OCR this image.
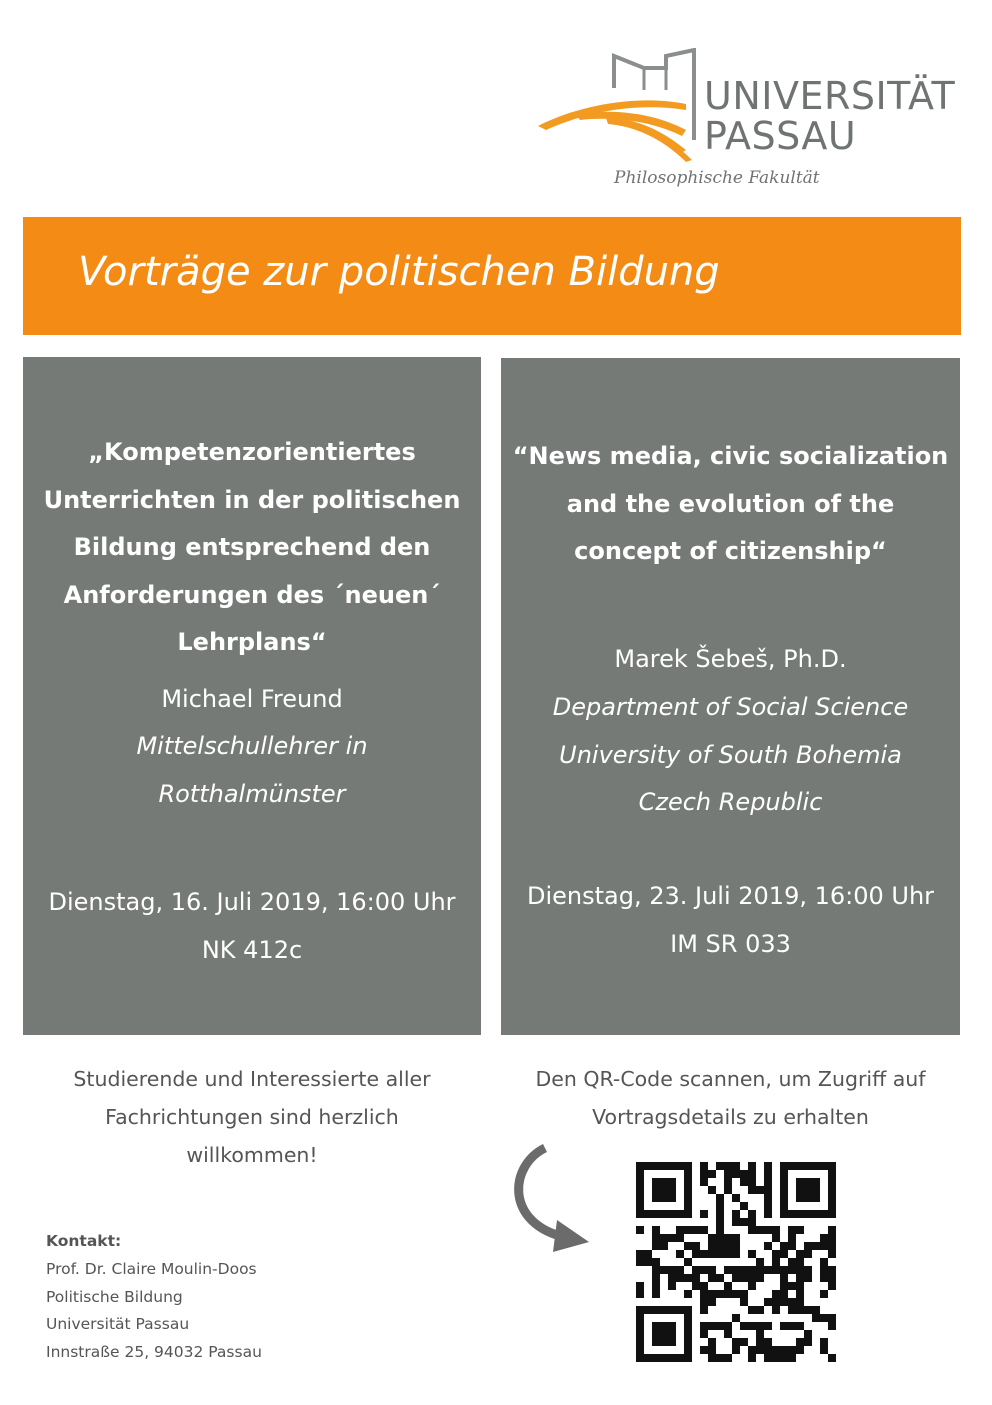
UNIVERSITÄT
PASSAU
Philosophische Fakultät
Vorträge zur politischen Bildung
„Kompetenzorientiertes
Unterrichten in der politischen
Bildung entsprechend den
Anforderungen des ´neuen´
Lehrplans“
Michael Freund
Mittelschullehrer in
Rotthalmünster
Dienstag, 16. Juli 2019, 16:00 Uhr
NK 412c
“News media, civic socialization
and the evolution of the
concept of citizenship“
Marek Šebeš, Ph.D.
Department of Social Science
University of South Bohemia
Czech Republic
Dienstag, 23. Juli 2019, 16:00 Uhr
IM SR 033
Studierende und Interessierte aller
Fachrichtungen sind herzlich
willkommen!
Den QR-Code scannen, um Zugriff auf
Vortragsdetails zu erhalten
Kontakt:
Prof. Dr. Claire Moulin-Doos
Politische Bildung
Universität Passau
Innstraße 25, 94032 Passau
